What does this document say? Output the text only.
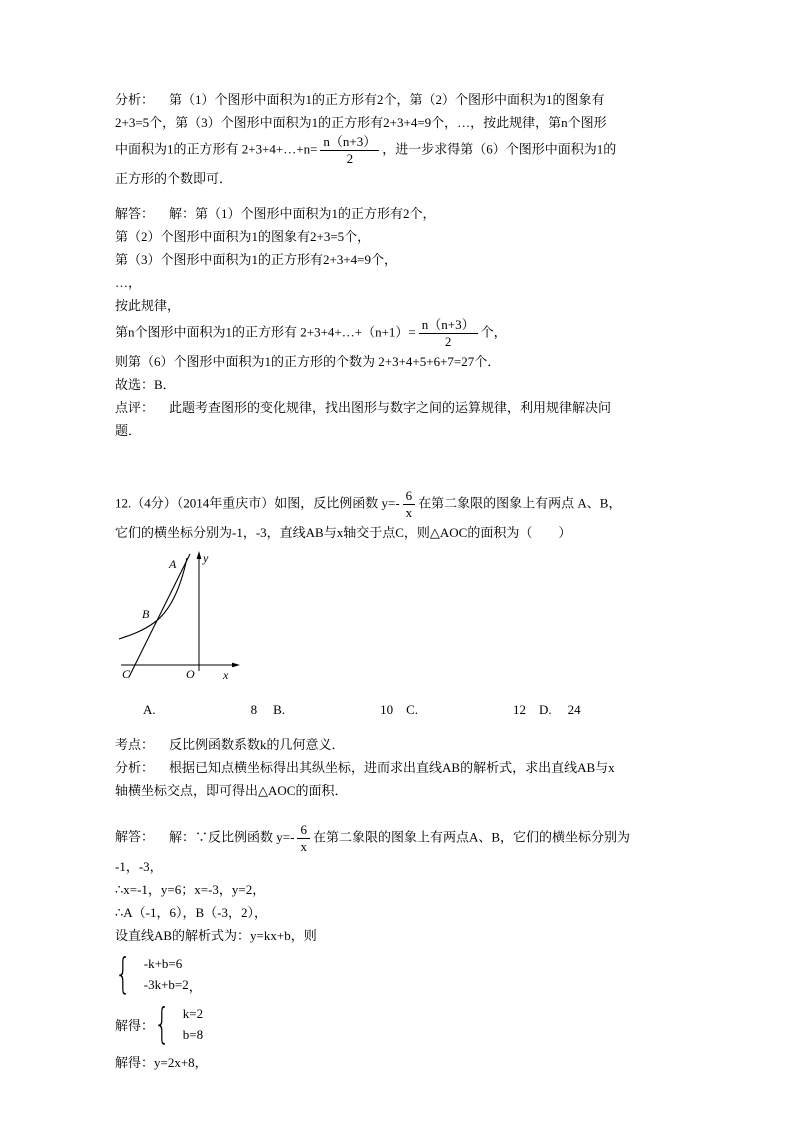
分析： 第（1）个图形中面积为1的正方形有2个，第（2）个图形中面积为1的图象有
2+3=5个，第（3）个图形中面积为1的正方形有2+3+4=9个，…，按此规律，第n个图形
中面积为1的正方形有 2+3+4+…+n= $\frac{n(n+3)}{2}$ ，进一步求得第（6）个图形中面积为1的
正方形的个数即可．
解答： 解：第（1）个图形中面积为1的正方形有2个，
第（2）个图形中面积为1的图象有2+3=5个，
第（3）个图形中面积为1的正方形有2+3+4=9个，
…，
按此规律，
第n个图形中面积为1的正方形有 2+3+4+…+（n+1）= $\frac{n(n+3)}{2}$ 个，
则第（6）个图形中面积为1的正方形的个数为 2+3+4+5+6+7=27个．
故选：B．
点评： 此题考查图形的变化规律，找出图形与数字之间的运算规律，利用规律解决问
题．
12.（4分）（2014年重庆市）如图，反比例函数 $y=- \frac{6}{x}$ 在第二象限的图象上有两点 A、B，
它们的横坐标分别为-1，-3，直线AB与x轴交于点C，则△AOC的面积为（　　）
A
B
C	O x
y
A.	8 B.	10 C.	12 D. 24
考点： 反比例函数系数k的几何意义．
分析： 根据已知点横坐标得出其纵坐标，进而求出直线AB的解析式，求出直线AB与x
轴横坐标交点，即可得出△AOC的面积．
解答： 解：∵反比例函数 $y=- \frac{6}{x}$ 在第二象限的图象上有两点A、B，它们的横坐标分别为
-1，-3，
∴x=-1，y=6；x=-3，y=2，
∴A（-1，6），B（-3，2），
设直线AB的解析式为：y=kx+b，则
{ -k+b=6
-3k+b=2 ，
解得： { k=2
b=8
解得：y=2x+8，
